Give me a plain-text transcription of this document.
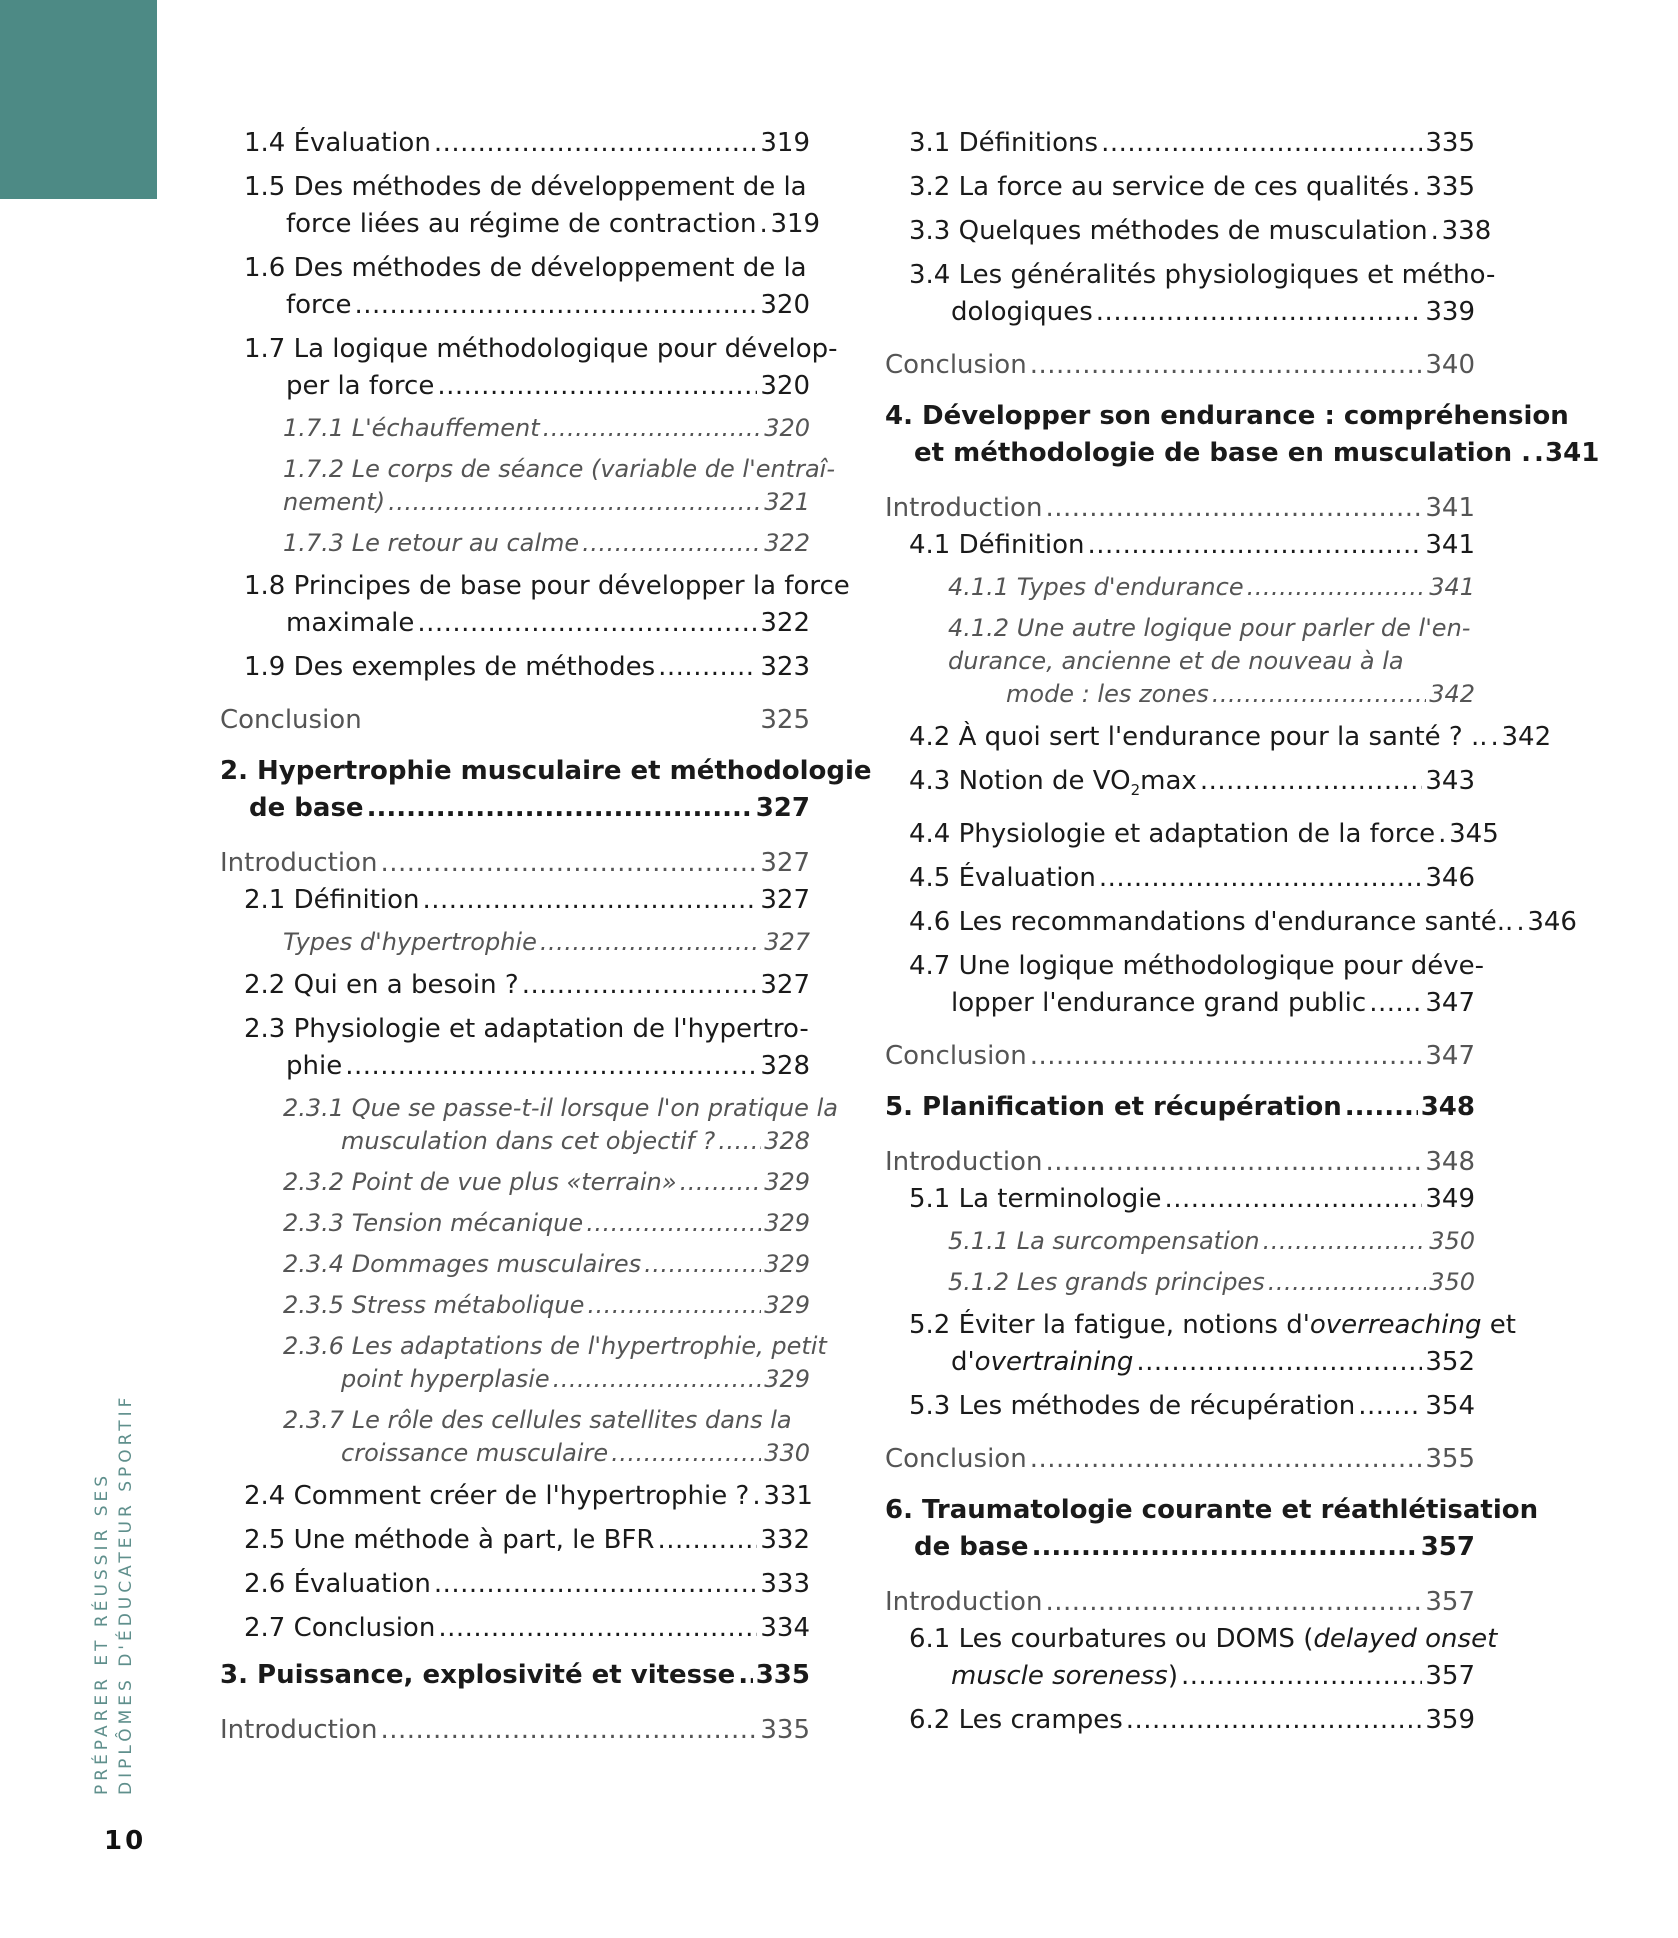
1.4 Évaluation .....	319
1.5 Des méthodes de développement de la
force liées au régime de contraction ..... 319
1.6 Des méthodes de développement de la
force .....	320
1.7 La logique méthodologique pour dévelop-
per la force .....	320
1.7.1 L'échauffement .....	320
1.7.2 Le corps de séance (variable de l'entraî-
nement) .....	321
1.7.3 Le retour au calme .....	322
1.8 Principes de base pour développer la force
maximale .....	322
1.9 Des exemples de méthodes .....	323
Conclusion	325
2. Hypertrophie musculaire et méthodologie
de base .....	327
Introduction .....	327
2.1 Définition .....	327
Types d'hypertrophie .....	327
2.2 Qui en a besoin ? .....	327
2.3 Physiologie et adaptation de l'hypertro-
phie .....	328
2.3.1 Que se passe-t-il lorsque l'on pratique la
musculation dans cet objectif ? ..... 328
2.3.2 Point de vue plus «terrain» .....	329
2.3.3 Tension mécanique .....	329
2.3.4 Dommages musculaires .....	329
2.3.5 Stress métabolique .....	329
2.3.6 Les adaptations de l'hypertrophie, petit
point hyperplasie .....	329
2.3.7 Le rôle des cellules satellites dans la
croissance musculaire .....	330
2.4 Comment créer de l'hypertrophie ? ..... 331
2.5 Une méthode à part, le BFR .....	332
2.6 Évaluation .....	333
2.7 Conclusion .....	334
3. Puissance, explosivité et vitesse ..... 335
Introduction .....	335
3.1 Définitions .....	335
3.2 La force au service de ces qualités ..... 335
3.3 Quelques méthodes de musculation ..... 338
3.4 Les généralités physiologiques et métho-
dologiques .....	339
Conclusion .....	340
4. Développer son endurance : compréhension
et méthodologie de base en musculation . ..... 341
Introduction .....	341
4.1 Définition .....	341
4.1.1 Types d'endurance .....	341
4.1.2 Une autre logique pour parler de l'en-
durance, ancienne et de nouveau à la
mode : les zones .....	342
4.2 À quoi sert l'endurance pour la santé ? .. ..... 342
4.3 Notion de $VO_2\max$ .....	343
4.4 Physiologie et adaptation de la force ..... 345
4.5 Évaluation .....	346
4.6 Les recommandations d'endurance santé.. ..... 346
4.7 Une logique méthodologique pour déve-
lopper l'endurance grand public ..... 347
Conclusion .....	347
5. Planification et récupération .....	348
Introduction .....	348
5.1 La terminologie .....	349
5.1.1 La surcompensation .....	350
5.1.2 Les grands principes .....	350
5.2 Éviter la fatigue, notions d'overreaching et
d'overtraining .....	352
5.3 Les méthodes de récupération .....	354
Conclusion .....	355
6. Traumatologie courante et réathlétisation
de base .....	357
Introduction .....	357
6.1 Les courbatures ou DOMS (delayed onset
muscle soreness) .....	357
6.2 Les crampes .....	359
PRÉPARER ET RÉUSSIR SES DIPLÔMES D'ÉDUCATEUR SPORTIF
10
